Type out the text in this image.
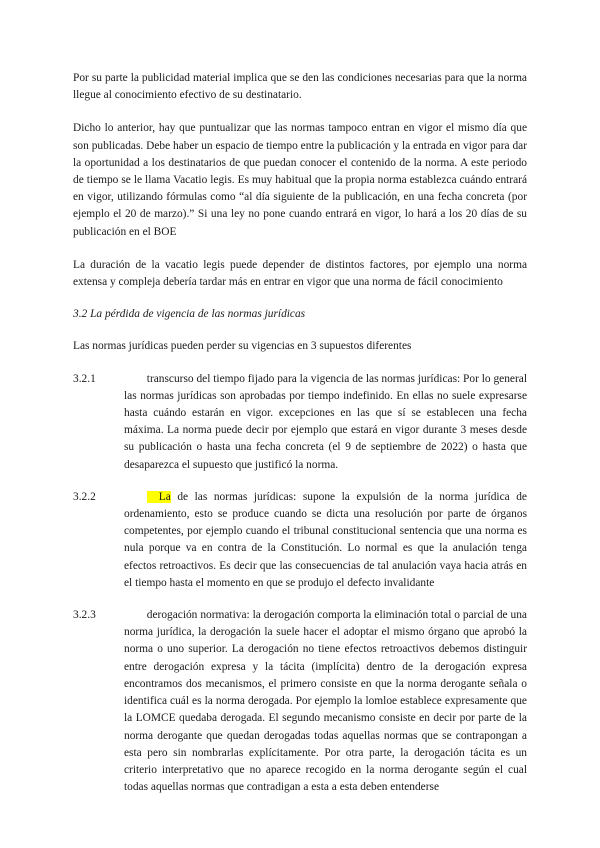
Por su parte la publicidad material implica que se den las condiciones necesarias para que la norma llegue al conocimiento efectivo de su destinatario.

Dicho lo anterior, hay que puntualizar que las normas tampoco entran en vigor el mismo día que son publicadas. Debe haber un espacio de tiempo entre la publicación y la entrada en vigor para dar la oportunidad a los destinatarios de que puedan conocer el contenido de la norma. A este periodo de tiempo se le llama Vacatio legis. Es muy habitual que la propia norma establezca cuándo entrará en vigor, utilizando fórmulas como “al día siguiente de la publicación, en una fecha concreta (por ejemplo el 20 de marzo).” Si una ley no pone cuando entrará en vigor, lo hará a los 20 días de su publicación en el BOE

La duración de la vacatio legis puede depender de distintos factores, por ejemplo una norma extensa y compleja debería tardar más en entrar en vigor que una norma de fácil conocimiento

3.2 La pérdida de vigencia de las normas jurídicas

Las normas jurídicas pueden perder su vigencias en 3 supuestos diferentes

3.2.1
    	transcurso del tiempo fijado para la vigencia de las normas jurídicas: Por lo general las normas jurídicas son aprobadas por tiempo indefinido. En ellas no suele expresarse hasta cuándo estarán en vigor. excepciones en las que sí se establecen una fecha máxima. La norma puede decir por ejemplo que estará en vigor durante 3 meses desde su publicación o hasta una fecha concreta (el 9 de septiembre de 2022) o hasta que desaparezca el supuesto que justificó la norma.
3.2.2
    	La de las normas jurídicas: supone la expulsión de la norma jurídica de ordenamiento, esto se produce cuando se dicta una resolución por parte de órganos competentes, por ejemplo cuando el tribunal constitucional sentencia que una norma es nula porque va en contra de la Constitución. Lo normal es que la anulación tenga efectos retroactivos. Es decir que las consecuencias de tal anulación vaya hacia atrás en el tiempo hasta el momento en que se produjo el defecto invalidante
3.2.3
    	derogación normativa: la derogación comporta la eliminación total o parcial de una norma jurídica, la derogación la suele hacer el adoptar el mismo órgano que aprobó la norma o uno superior. La derogación no tiene efectos retroactivos debemos distinguir entre derogación expresa y la tácita (implícita) dentro de la derogación expresa encontramos dos mecanismos, el primero consiste en que la norma derogante señala o identifica cuál es la norma derogada. Por ejemplo la lomloe establece expresamente que la LOMCE quedaba derogada. El segundo mecanismo consiste en decir por parte de la norma derogante que quedan derogadas todas aquellas normas que se contrapongan a esta pero sin nombrarlas explícitamente. Por otra parte, la derogación tácita es un criterio interpretativo que no aparece recogido en la norma derogante según el cual todas aquellas normas que contradigan a esta a esta deben entenderse
